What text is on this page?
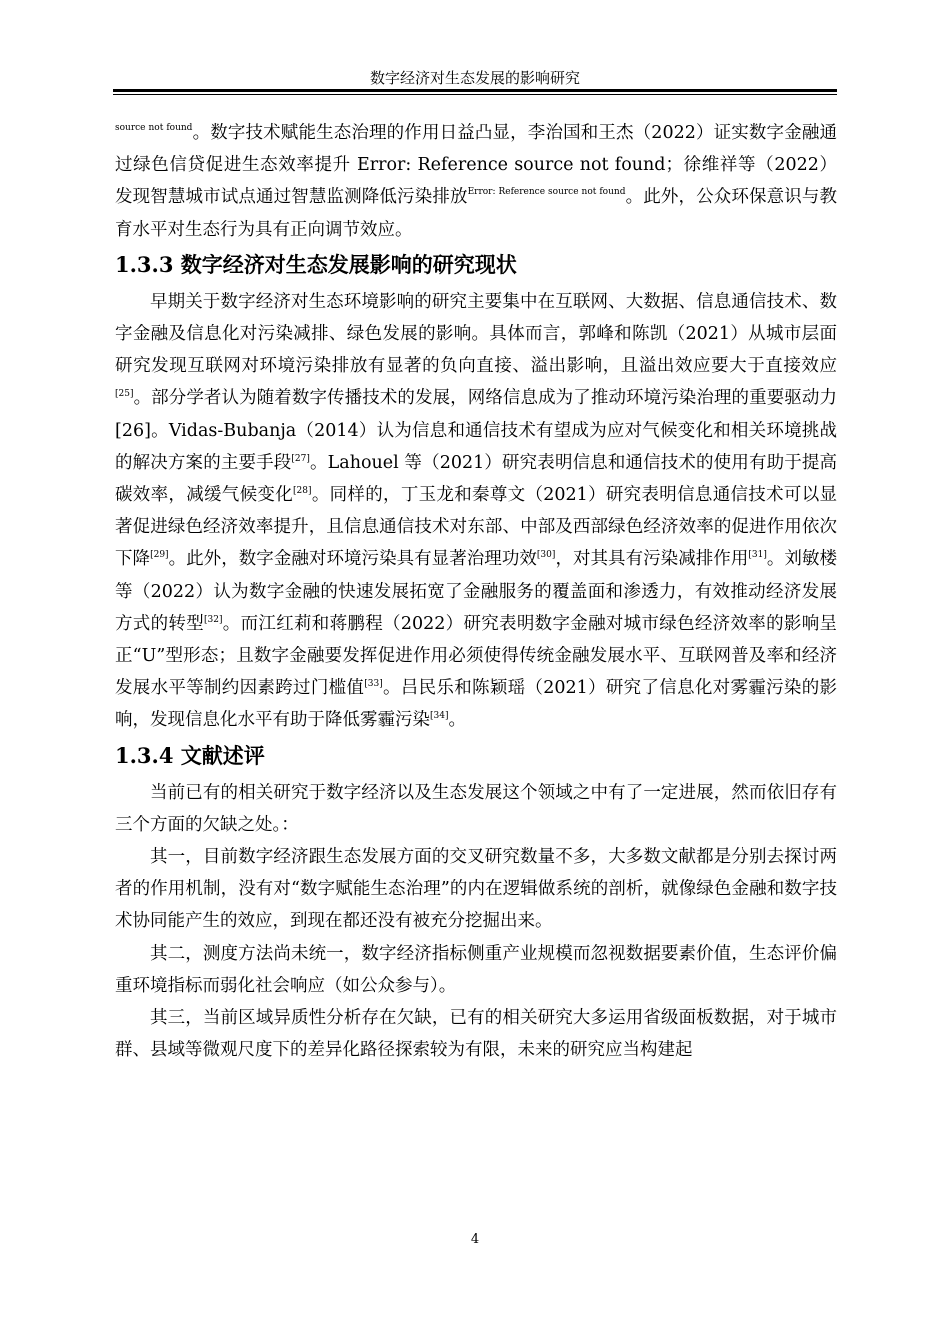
数字经济对生态发展的影响研究

$^{source not found}$。数字技术赋能生态治理的作用日益凸显，李治国和王杰（2022）证实数字金融通过绿色信贷促进生态效率提升 Error: Reference source not found；徐维祥等（2022）发现智慧城市试点通过智慧监测降低污染排放$^{Error: Reference source not found}$。此外，公众环保意识与教育水平对生态行为具有正向调节效应。

1.3.3 数字经济对生态发展影响的研究现状

早期关于数字经济对生态环境影响的研究主要集中在互联网、大数据、信息通信技术、数字金融及信息化对污染减排、绿色发展的影响。具体而言，郭峰和陈凯（2021）从城市层面研究发现互联网对环境污染排放有显著的负向直接、溢出影响，且溢出效应要大于直接效应[25]。部分学者认为随着数字传播技术的发展，网络信息成为了推动环境污染治理的重要驱动力[26]。Vidas-Bubanja（2014）认为信息和通信技术有望成为应对气候变化和相关环境挑战的解决方案的主要手段[27]。Lahouel 等（2021）研究表明信息和通信技术的使用有助于提高碳效率，减缓气候变化[28]。同样的，丁玉龙和秦尊文（2021）研究表明信息通信技术可以显著促进绿色经济效率提升，且信息通信技术对东部、中部及西部绿色经济效率的促进作用依次下降[29]。此外，数字金融对环境污染具有显著治理功效[30]，对其具有污染减排作用[31]。刘敏楼等（2022）认为数字金融的快速发展拓宽了金融服务的覆盖面和渗透力，有效推动经济发展方式的转型[32]。而江红莉和蒋鹏程（2022）研究表明数字金融对城市绿色经济效率的影响呈正“U”型形态；且数字金融要发挥促进作用必须使得传统金融发展水平、互联网普及率和经济发展水平等制约因素跨过门槛值[33]。吕民乐和陈颖瑶（2021）研究了信息化对雾霾污染的影响，发现信息化水平有助于降低雾霾污染[34]。

1.3.4 文献述评

当前已有的相关研究于数字经济以及生态发展这个领域之中有了一定进展，然而依旧存有三个方面的欠缺之处。：

其一，目前数字经济跟生态发展方面的交叉研究数量不多，大多数文献都是分别去探讨两者的作用机制，没有对“数字赋能生态治理”的内在逻辑做系统的剖析，就像绿色金融和数字技术协同能产生的效应，到现在都还没有被充分挖掘出来。

其二，测度方法尚未统一，数字经济指标侧重产业规模而忽视数据要素价值，生态评价偏重环境指标而弱化社会响应（如公众参与）。

其三，当前区域异质性分析存在欠缺，已有的相关研究大多运用省级面板数据，对于城市群、县域等微观尺度下的差异化路径探索较为有限，未来的研究应当构建起

4
